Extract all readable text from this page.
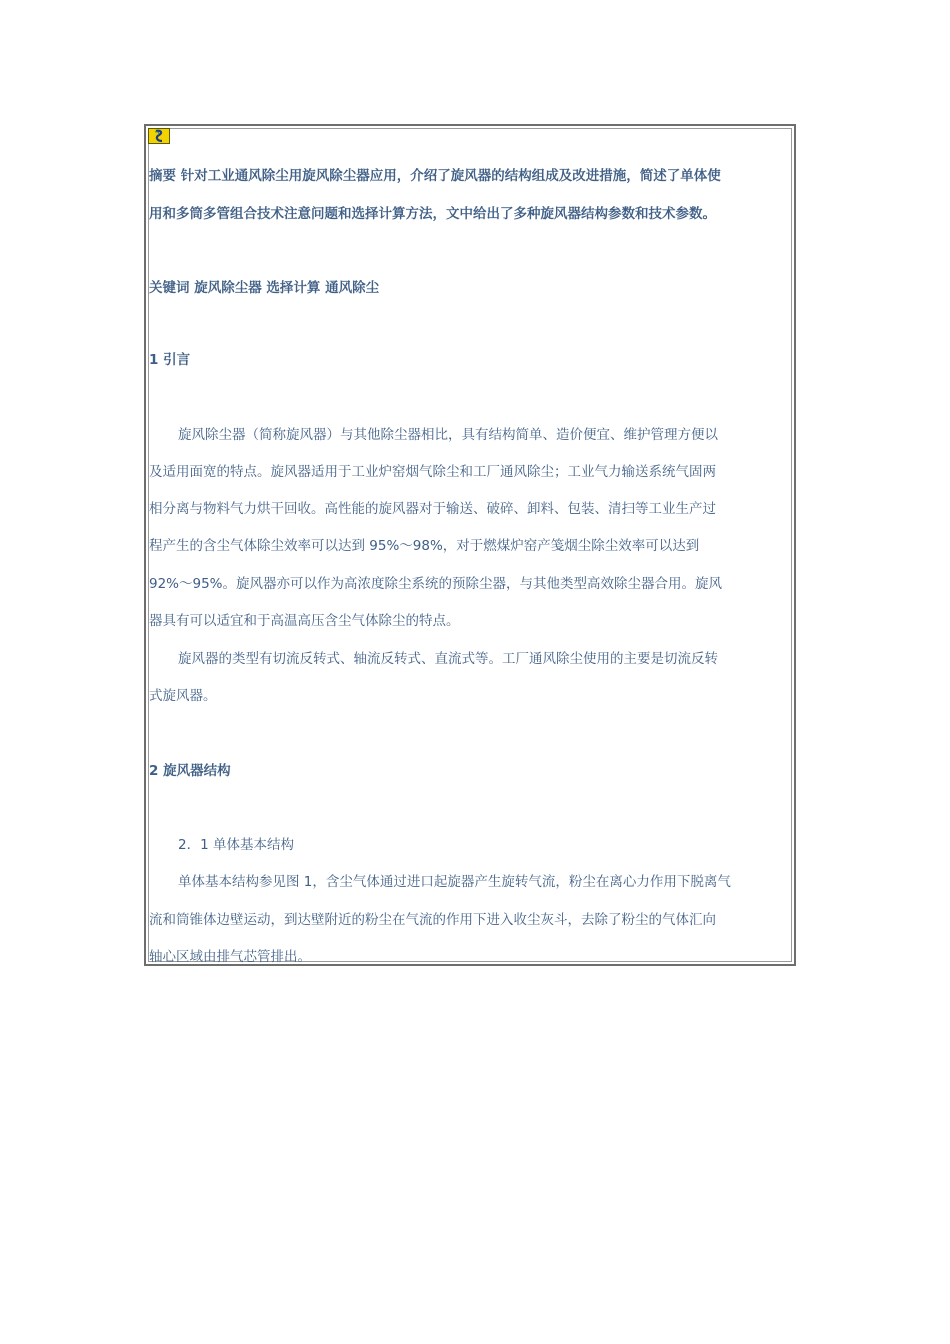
摘要 针对工业通风除尘用旋风除尘器应用，介绍了旋风器的结构组成及改进措施，简述了单体使
用和多筒多管组合技术注意问题和选择计算方法，文中给出了多种旋风器结构参数和技术参数。
关键词 旋风除尘器 选择计算 通风除尘
1 引言
旋风除尘器（简称旋风器）与其他除尘器相比，具有结构简单、造价便宜、维护管理方便以
及适用面宽的特点。旋风器适用于工业炉窑烟气除尘和工厂通风除尘；工业气力输送系统气固两
相分离与物料气力烘干回收。高性能的旋风器对于输送、破碎、卸料、包装、清扫等工业生产过
程产生的含尘气体除尘效率可以达到 95%～98%，对于燃煤炉窑产笺烟尘除尘效率可以达到
92%～95%。旋风器亦可以作为高浓度除尘系统的预除尘器，与其他类型高效除尘器合用。旋风
器具有可以适宜和于高温高压含尘气体除尘的特点。
旋风器的类型有切流反转式、轴流反转式、直流式等。工厂通风除尘使用的主要是切流反转
式旋风器。
2 旋风器结构
2．1 单体基本结构
单体基本结构参见图 1，含尘气体通过进口起旋器产生旋转气流，粉尘在离心力作用下脱离气
流和筒锥体边壁运动，到达壁附近的粉尘在气流的作用下进入收尘灰斗，去除了粉尘的气体汇向
轴心区域由排气芯管排出。
